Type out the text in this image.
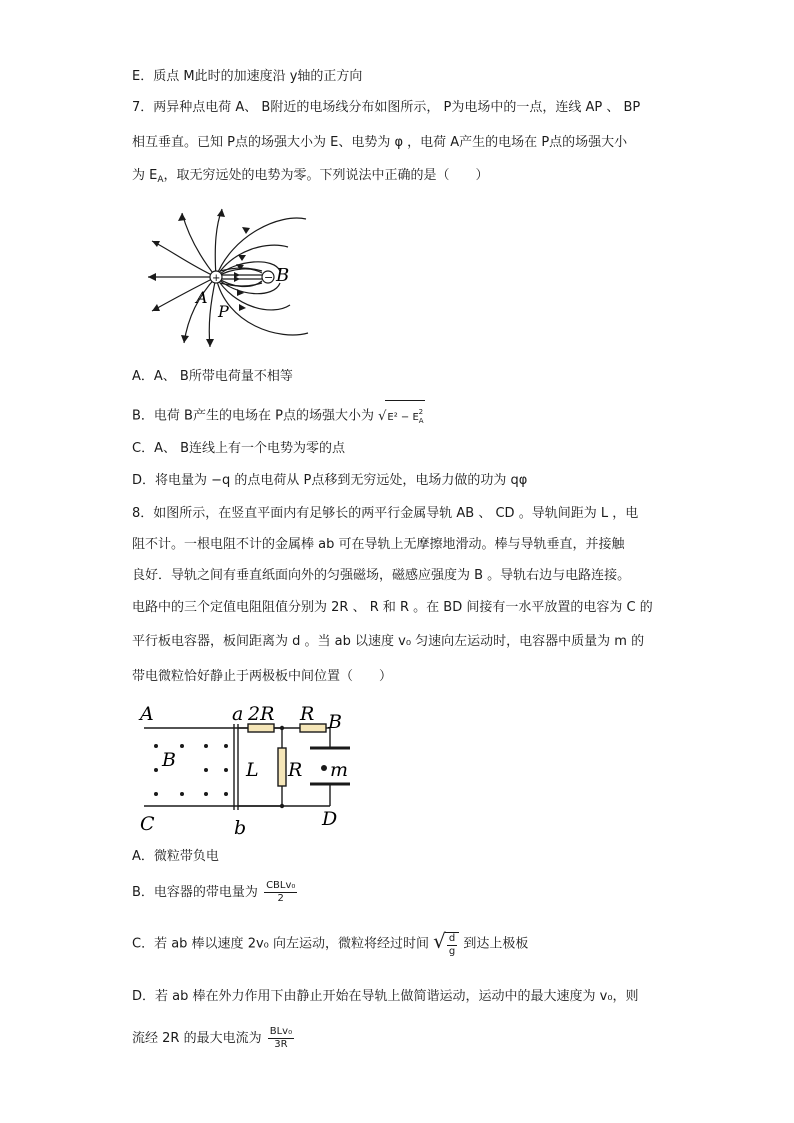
E．质点 M此时的加速度沿 y轴的正方向
7．两异种点电荷 A、 B附近的电场线分布如图所示， P为电场中的一点，连线 AP 、 BP
相互垂直。已知 P点的场强大小为 E、电势为 φ ，电荷 A产生的电场在 P点的场强大小
为 $E_A$，取无穷远处的电势为零。下列说法中正确的是（　　）
+	− B
A
P
A．A、 B所带电荷量不相等
B．电荷 B产生的电场在 P点的场强大小为 $√E^2 - E_A^2$
C．A、 B连线上有一个电势为零的点
D．将电量为 −q 的点电荷从 P点移到无穷远处，电场力做的功为 qφ
8．如图所示，在竖直平面内有足够长的两平行金属导轨 AB 、 CD 。导轨间距为 L ，电
阻不计。一根电阻不计的金属棒 ab 可在导轨上无摩擦地滑动。棒与导轨垂直，并接触
良好．导轨之间有垂直纸面向外的匀强磁场，磁感应强度为 B 。导轨右边与电路连接。
电路中的三个定值电阻阻值分别为 2R 、 R 和 R 。在 BD 间接有一水平放置的电容为 C 的
平行板电容器，板间距离为 d 。当 ab 以速度 v₀ 匀速向左运动时，电容器中质量为 m 的
带电微粒恰好静止于两极板中间位置（　　）
A
C
a
b
2R R B
D
R
L
B	m
A．微粒带负电
B．电容器的带电量为 $\frac{\text{CBLv₀}}{2}$
C．若 ab 棒以速度 2v₀ 向左运动，微粒将经过时间 √ $\frac{d}{g}$ 到达上极板
D．若 ab 棒在外力作用下由静止开始在导轨上做简谐运动，运动中的最大速度为 v₀，则
流经 2R 的最大电流为 $\frac{\text{BLv₀}}{3R}$
